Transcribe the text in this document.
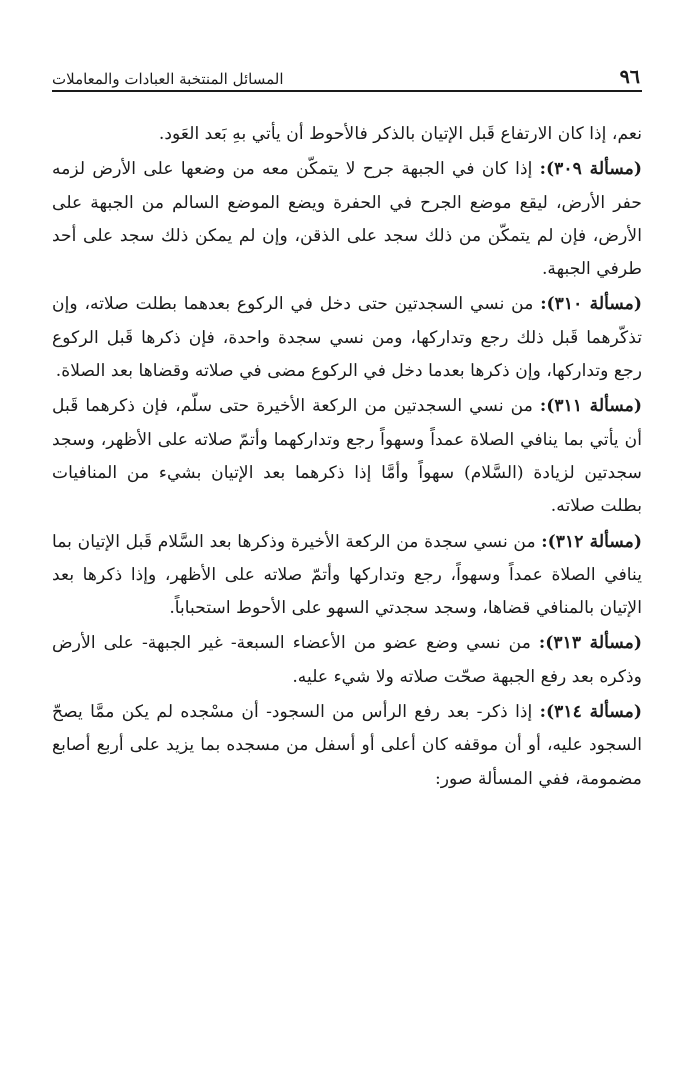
٩٦
المسائل المنتخبة العبادات والمعاملات

نعم، إذا كان الارتفاع قَبل الإتيان بالذكر فالأحوط أن يأتي بهِ بَعد العَود.

(مسألة ٣٠٩): إذا كان في الجبهة جرح لا يتمكّن معه من وضعها على الأرض لزمه حفر الأرض، ليقع موضع الجرح في الحفرة ويضع الموضع السالم من الجبهة على الأرض، فإن لم يتمكّن من ذلك سجد على الذقن، وإن لم يمكن ذلك سجد على أحد طرفي الجبهة.

(مسألة ٣١٠): من نسي السجدتين حتى دخل في الركوع بعدهما بطلت صلاته، وإن تذكّرهما قَبل ذلك رجع وتداركها، ومن نسي سجدة واحدة، فإن ذكرها قَبل الركوع رجع وتداركها، وإن ذكرها بعدما دخل في الركوع مضى في صلاته وقضاها بعد الصلاة.

(مسألة ٣١١): من نسي السجدتين من الركعة الأخيرة حتى سلّم، فإن ذكرهما قَبل أن يأتي بما ينافي الصلاة عمداً وسهواً رجع وتداركهما وأتمّ صلاته على الأظهر، وسجد سجدتين لزيادة (السَّلام) سهواً وأمَّا إذا ذكرهما بعد الإتيان بشيء من المنافيات بطلت صلاته.

(مسألة ٣١٢): من نسي سجدة من الركعة الأخيرة وذكرها بعد السَّلام قَبل الإتيان بما ينافي الصلاة عمداً وسهواً، رجع وتداركها وأتمّ صلاته على الأظهر، وإذا ذكرها بعد الإتيان بالمنافي قضاها، وسجد سجدتي السهو على الأحوط استحباباً.

(مسألة ٣١٣): من نسي وضع عضو من الأعضاء السبعة- غير الجبهة- على الأرض وذكره بعد رفع الجبهة صحّت صلاته ولا شيء عليه.

(مسألة ٣١٤): إذا ذكر- بعد رفع الرأس من السجود- أن مسْجده لم يكن ممَّا يصحّ السجود عليه، أو أن موقفه كان أعلى أو أسفل من مسجده بما يزيد على أربع أصابع مضمومة، ففي المسألة صور:
